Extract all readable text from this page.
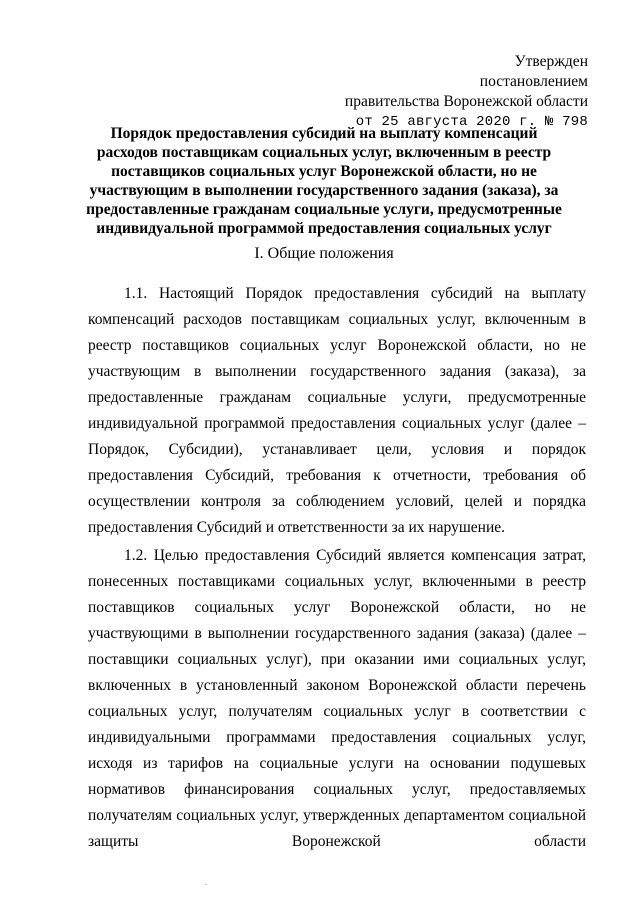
Утвержден
постановлением
правительства Воронежской области
от 25 августа 2020 г. № 798
Порядок предоставления субсидий на выплату компенсаций расходов поставщикам социальных услуг, включенным в реестр поставщиков социальных услуг Воронежской области, но не участвующим в выполнении государственного задания (заказа), за предоставленные гражданам социальные услуги, предусмотренные индивидуальной программой предоставления социальных услуг
I. Общие положения

1.1. Настоящий Порядок предоставления субсидий на выплату компенсаций расходов поставщикам социальных услуг, включенным в реестр поставщиков социальных услуг Воронежской области, но не участвующим в выполнении государственного задания (заказа), за предоставленные гражданам социальные услуги, предусмотренные индивидуальной программой предоставления социальных услуг (далее – Порядок, Субсидии), устанавливает цели, условия и порядок предоставления Субсидий, требования к отчетности, требования об осуществлении контроля за соблюдением условий, целей и порядка предоставления Субсидий и ответственности за их нарушение.

1.2. Целью предоставления Субсидий является компенсация затрат, понесенных поставщиками социальных услуг, включенными в реестр поставщиков социальных услуг Воронежской области, но не участвующими в выполнении государственного задания (заказа) (далее – поставщики социальных услуг), при оказании ими социальных услуг, включенных в установленный законом Воронежской области перечень социальных услуг, получателям социальных услуг в соответствии с индивидуальными программами предоставления социальных услуг, исходя из тарифов на социальные услуги на основании подушевых нормативов финансирования социальных услуг, предоставляемых получателям социальных услуг, утвержденных департаментом социальной защиты Воронежской области
